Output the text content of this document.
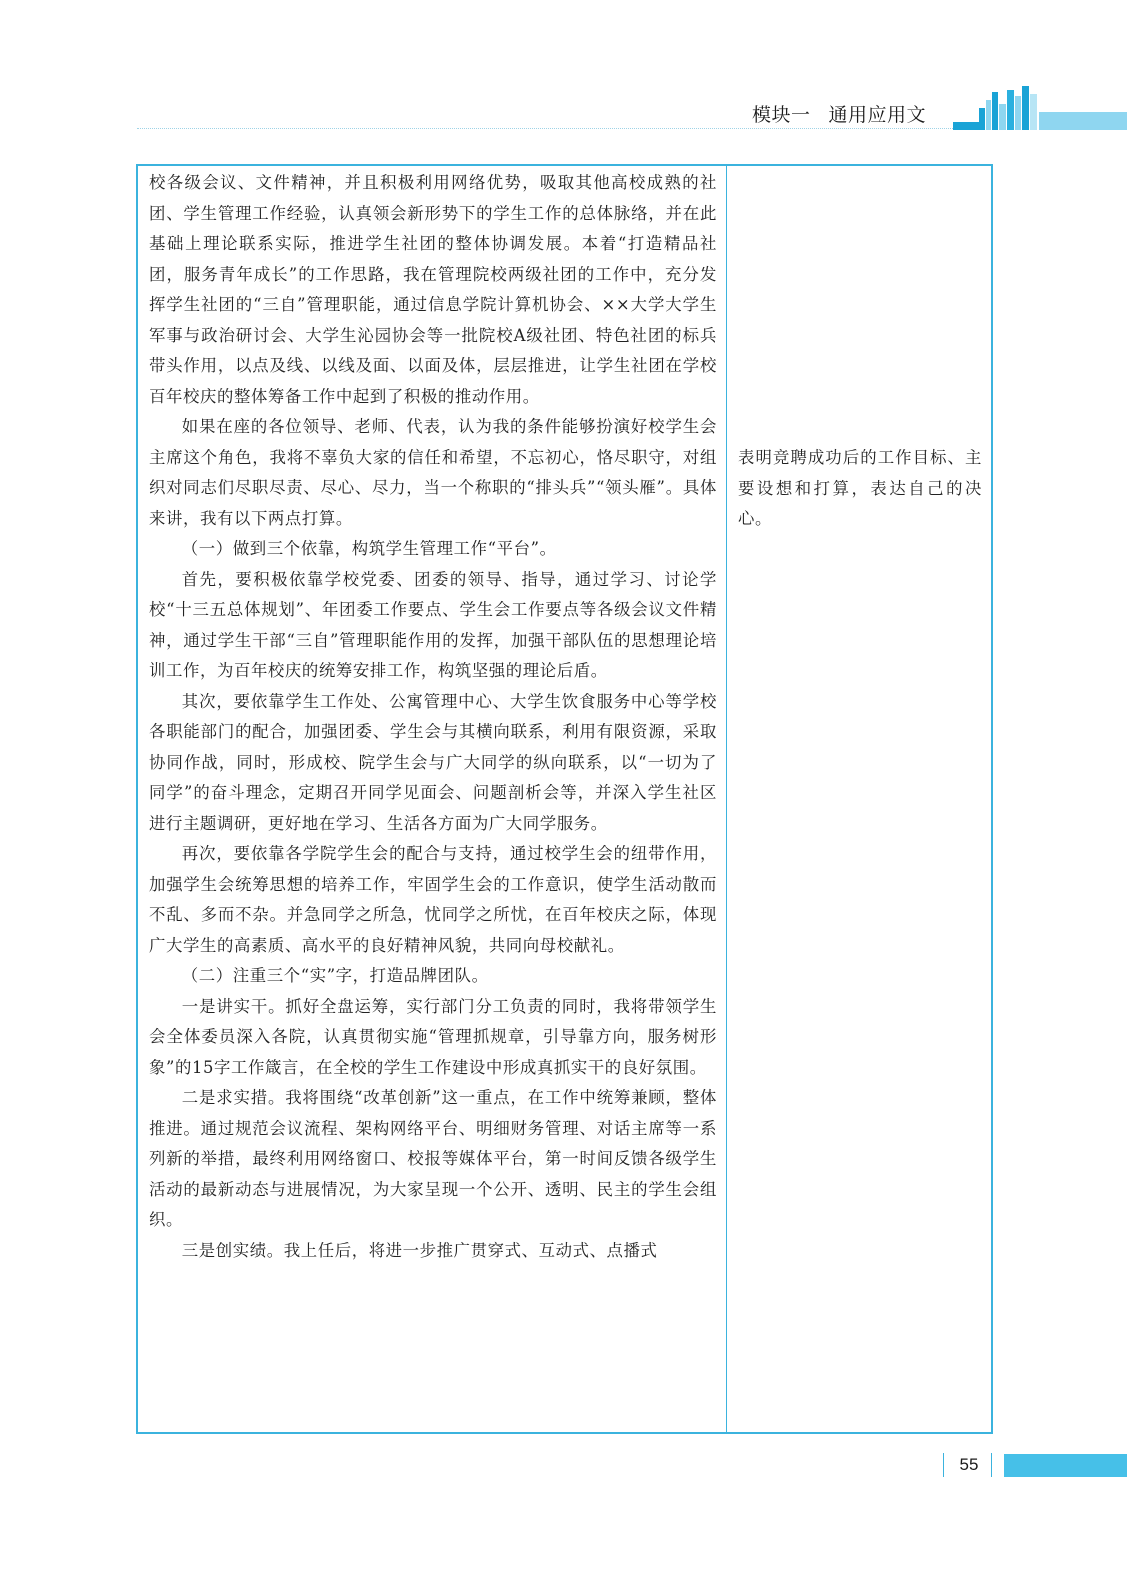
模块一 通用应用文

校各级会议、文件精神，并且积极利用网络优势，吸取其他高校成熟的社团、学生管理工作经验，认真领会新形势下的学生工作的总体脉络，并在此基础上理论联系实际，推进学生社团的整体协调发展。本着“打造精品社团，服务青年成长”的工作思路，我在管理院校两级社团的工作中，充分发挥学生社团的“三自”管理职能，通过信息学院计算机协会、××大学大学生军事与政治研讨会、大学生沁园协会等一批院校A级社团、特色社团的标兵带头作用，以点及线、以线及面、以面及体，层层推进，让学生社团在学校百年校庆的整体筹备工作中起到了积极的推动作用。

如果在座的各位领导、老师、代表，认为我的条件能够扮演好校学生会主席这个角色，我将不辜负大家的信任和希望，不忘初心，恪尽职守，对组织对同志们尽职尽责、尽心、尽力，当一个称职的“排头兵”“领头雁”。具体来讲，我有以下两点打算。

（一）做到三个依靠，构筑学生管理工作“平台”。

首先，要积极依靠学校党委、团委的领导、指导，通过学习、讨论学校“十三五总体规划”、年团委工作要点、学生会工作要点等各级会议文件精神，通过学生干部“三自”管理职能作用的发挥，加强干部队伍的思想理论培训工作，为百年校庆的统筹安排工作，构筑坚强的理论后盾。

其次，要依靠学生工作处、公寓管理中心、大学生饮食服务中心等学校各职能部门的配合，加强团委、学生会与其横向联系，利用有限资源，采取协同作战，同时，形成校、院学生会与广大同学的纵向联系，以“一切为了同学”的奋斗理念，定期召开同学见面会、问题剖析会等，并深入学生社区进行主题调研，更好地在学习、生活各方面为广大同学服务。

再次，要依靠各学院学生会的配合与支持，通过校学生会的纽带作用，加强学生会统筹思想的培养工作，牢固学生会的工作意识，使学生活动散而不乱、多而不杂。并急同学之所急，忧同学之所忧，在百年校庆之际，体现广大学生的高素质、高水平的良好精神风貌，共同向母校献礼。

（二）注重三个“实”字，打造品牌团队。

一是讲实干。抓好全盘运筹，实行部门分工负责的同时，我将带领学生会全体委员深入各院，认真贯彻实施“管理抓规章，引导靠方向，服务树形象”的15字工作箴言，在全校的学生工作建设中形成真抓实干的良好氛围。

二是求实措。我将围绕“改革创新”这一重点，在工作中统筹兼顾，整体推进。通过规范会议流程、架构网络平台、明细财务管理、对话主席等一系列新的举措，最终利用网络窗口、校报等媒体平台，第一时间反馈各级学生活动的最新动态与进展情况，为大家呈现一个公开、透明、民主的学生会组织。

三是创实绩。我上任后，将进一步推广贯穿式、互动式、点播式

表明竞聘成功后的工作目标、主要设想和打算，表达自己的决心。
55
